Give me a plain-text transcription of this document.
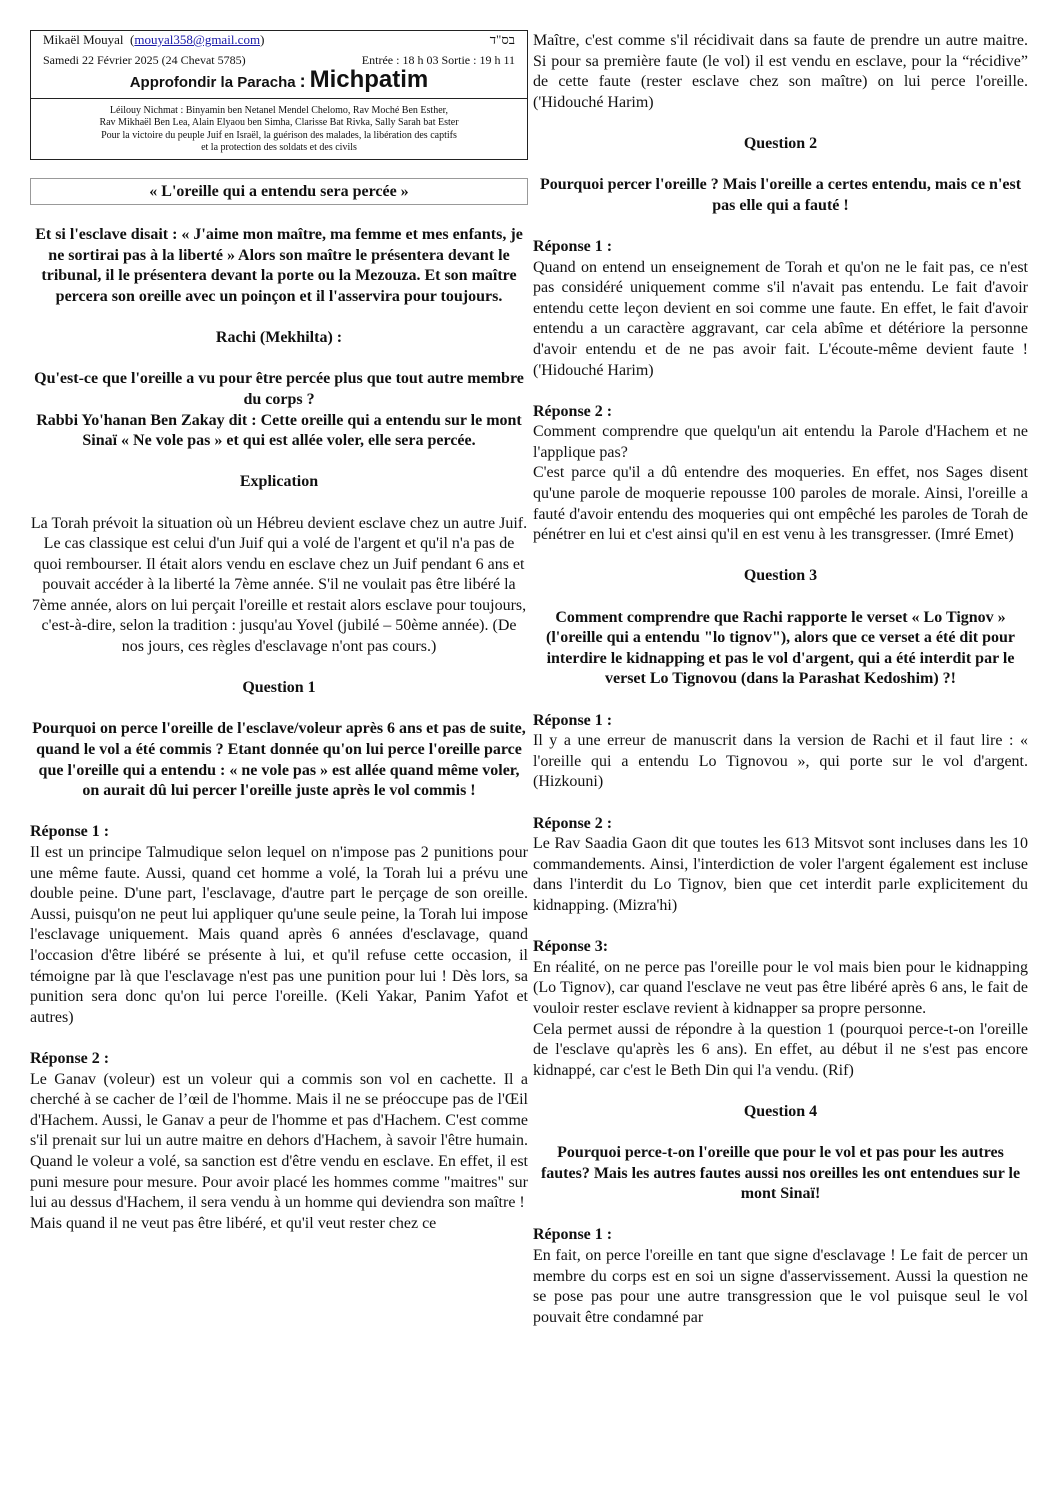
Mikaël Mouyal  (mouyal358@gmail.com)	בס"ד
Samedi 22 Février 2025 (24 Chevat 5785)	Entrée : 18 h 03 Sortie : 19 h 11
Approfondir la Paracha : Michpatim
Léilouy Nichmat : Binyamin ben Netanel Mendel Chelomo, Rav Moché Ben Esther,
Rav Mikhaël Ben Lea, Alain Elyaou ben Simha, Clarisse Bat Rivka, Sally Sarah bat Ester
Pour la victoire du peuple Juif en Israël, la guérison des malades, la libération des captifs
et la protection des soldats et des civils
« L'oreille qui a entendu sera percée »

Et si l'esclave disait : « J'aime mon maître, ma femme et mes enfants, je ne sortirai pas à la liberté » Alors son maître le présentera devant le tribunal, il le présentera devant la porte ou la Mezouza. Et son maître percera son oreille avec un poinçon et il l'asservira pour toujours.

Rachi (Mekhilta) :

Qu'est-ce que l'oreille a vu pour être percée plus que tout autre membre du corps ?

Rabbi Yo'hanan Ben Zakay dit : Cette oreille qui a entendu sur le mont Sinaï « Ne vole pas » et qui est allée voler, elle sera percée.

Explication

La Torah prévoit la situation où un Hébreu devient esclave chez un autre Juif. Le cas classique est celui d'un Juif qui a volé de l'argent et qu'il n'a pas de quoi rembourser. Il était alors vendu en esclave chez un Juif pendant 6 ans et pouvait accéder à la liberté la 7ème année. S'il ne voulait pas être libéré la 7ème année, alors on lui perçait l'oreille et restait alors esclave pour toujours, c'est-à-dire, selon la tradition : jusqu'au Yovel (jubilé – 50ème année). (De nos jours, ces règles d'esclavage n'ont pas cours.)

Question 1

Pourquoi on perce l'oreille de l'esclave/voleur après 6 ans et pas de suite, quand le vol a été commis ? Etant donnée qu'on lui perce l'oreille parce que l'oreille qui a entendu : « ne vole pas » est allée quand même voler, on aurait dû lui percer l'oreille juste après le vol commis !

Réponse 1 :

Il est un principe Talmudique selon lequel on n'impose pas 2 punitions pour une même faute. Aussi, quand cet homme a volé, la Torah lui a prévu une double peine. D'une part, l'esclavage, d'autre part le perçage de son oreille. Aussi, puisqu'on ne peut lui appliquer qu'une seule peine, la Torah lui impose l'esclavage uniquement. Mais quand après 6 années d'esclavage, quand l'occasion d'être libéré se présente à lui, et qu'il refuse cette occasion, il témoigne par là que l'esclavage n'est pas une punition pour lui ! Dès lors, sa punition sera donc qu'on lui perce l'oreille. (Keli Yakar, Panim Yafot et autres)

Réponse 2 :

Le Ganav (voleur) est un voleur qui a commis son vol en cachette. Il a cherché à se cacher de l’œil de l'homme. Mais il ne se préoccupe pas de l'Œil d'Hachem. Aussi, le Ganav a peur de l'homme et pas d'Hachem. C'est comme s'il prenait sur lui un autre maitre en dehors d'Hachem, à savoir l'être humain. Quand le voleur a volé, sa sanction est d'être vendu en esclave. En effet, il est puni mesure pour mesure. Pour avoir placé les hommes comme "maitres" sur lui au dessus d'Hachem, il sera vendu à un homme qui deviendra son maître !

Mais quand il ne veut pas être libéré, et qu'il veut rester chez ce

Maître, c'est comme s'il récidivait dans sa faute de prendre un autre maitre. Si pour sa première faute (le vol) il est vendu en esclave, pour la “récidive” de cette faute (rester esclave chez son maître) on lui perce l'oreille. ('Hidouché Harim)

Question 2

Pourquoi percer l'oreille ? Mais l'oreille a certes entendu, mais ce n'est pas elle qui a fauté !

Réponse 1 :

Quand on entend un enseignement de Torah et qu'on ne le fait pas, ce n'est pas considéré uniquement comme s'il n'avait pas entendu. Le fait d'avoir entendu cette leçon devient en soi comme une faute. En effet, le fait d'avoir entendu a un caractère aggravant, car cela abîme et détériore la personne d'avoir entendu et de ne pas avoir fait. L'écoute-même devient faute ! ('Hidouché Harim)

Réponse 2 :

Comment comprendre que quelqu'un ait entendu la Parole d'Hachem et ne l'applique pas?

C'est parce qu'il a dû entendre des moqueries. En effet, nos Sages disent qu'une parole de moquerie repousse 100 paroles de morale. Ainsi, l'oreille a fauté d'avoir entendu des moqueries qui ont empêché les paroles de Torah de pénétrer en lui et c'est ainsi qu'il en est venu à les transgresser. (Imré Emet)

Question 3

Comment comprendre que Rachi rapporte le verset « Lo Tignov » (l'oreille qui a entendu "lo tignov"), alors que ce verset a été dit pour interdire le kidnapping et pas le vol d'argent, qui a été interdit par le verset Lo Tignovou (dans la Parashat Kedoshim) ?!

Réponse 1 :

Il y a une erreur de manuscrit dans la version de Rachi et il faut lire : « l'oreille qui a entendu Lo Tignovou », qui porte sur le vol d'argent. (Hizkouni)

Réponse 2 :

Le Rav Saadia Gaon dit que toutes les 613 Mitsvot sont incluses dans les 10 commandements. Ainsi, l'interdiction de voler l'argent également est incluse dans l'interdit du Lo Tignov, bien que cet interdit parle explicitement du kidnapping. (Mizra'hi)

Réponse 3:

En réalité, on ne perce pas l'oreille pour le vol mais bien pour le kidnapping (Lo Tignov), car quand l'esclave ne veut pas être libéré après 6 ans, le fait de vouloir rester esclave revient à kidnapper sa propre personne.

Cela permet aussi de répondre à la question 1 (pourquoi perce-t-on l'oreille de l'esclave qu'après les 6 ans). En effet, au début il ne s'est pas encore kidnappé, car c'est le Beth Din qui l'a vendu. (Rif)

Question 4

Pourquoi perce-t-on l'oreille que pour le vol et pas pour les autres fautes? Mais les autres fautes aussi nos oreilles les ont entendues sur le mont Sinaï!

Réponse 1 :

En fait, on perce l'oreille en tant que signe d'esclavage ! Le fait de percer un membre du corps est en soi un signe d'asservissement. Aussi la question ne se pose pas pour une autre transgression que le vol puisque seul le vol pouvait être condamné par
